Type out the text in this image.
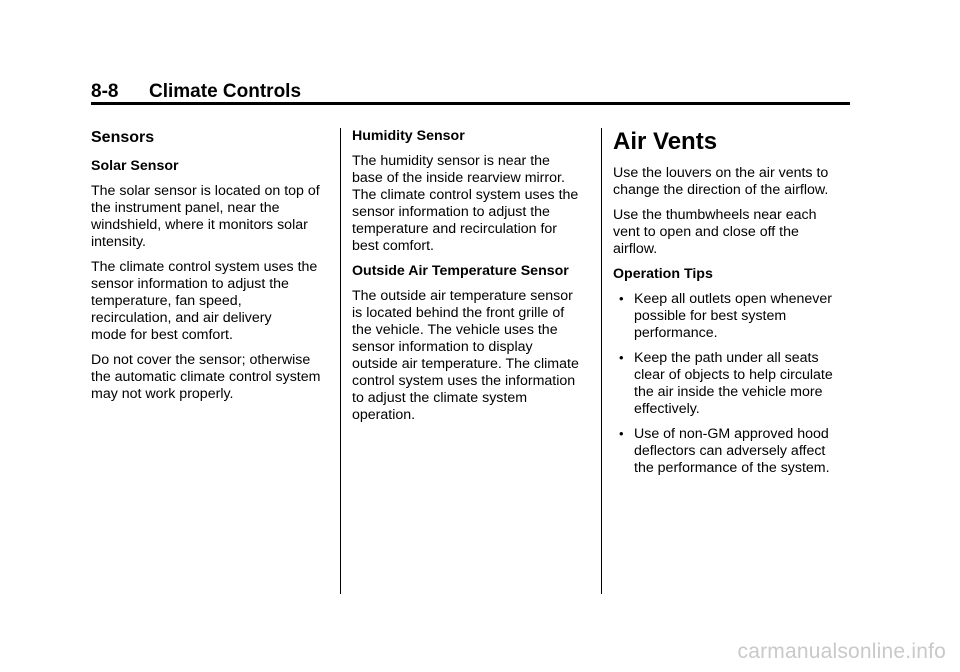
8-8 Climate Controls
Sensors
Solar Sensor

The solar sensor is located on top of
the instrument panel, near the
windshield, where it monitors solar
intensity.

The climate control system uses the
sensor information to adjust the
temperature, fan speed,
recirculation, and air delivery
mode for best comfort.

Do not cover the sensor; otherwise
the automatic climate control system
may not work properly.

Humidity Sensor

The humidity sensor is near the
base of the inside rearview mirror.
The climate control system uses the
sensor information to adjust the
temperature and recirculation for
best comfort.

Outside Air Temperature Sensor

The outside air temperature sensor
is located behind the front grille of
the vehicle. The vehicle uses the
sensor information to display
outside air temperature. The climate
control system uses the information
to adjust the climate system
operation.

Air Vents

Use the louvers on the air vents to
change the direction of the airflow.

Use the thumbwheels near each
vent to open and close off the
airflow.

Operation Tips
• Keep all outlets open whenever
possible for best system
performance.
• Keep the path under all seats
clear of objects to help circulate
the air inside the vehicle more
effectively.
• Use of non-GM approved hood
deflectors can adversely affect
the performance of the system.
carmanualsonline.info
